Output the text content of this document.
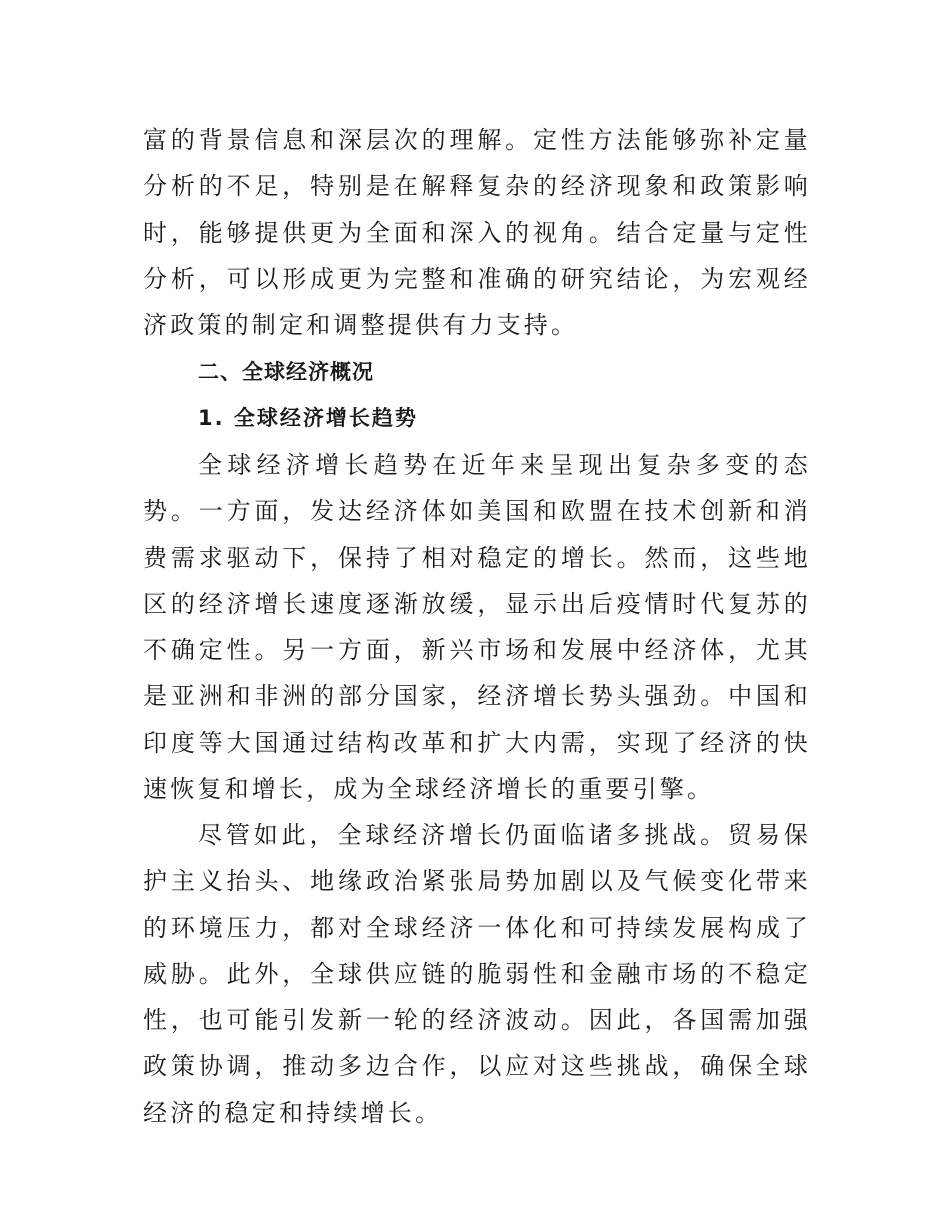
富的背景信息和深层次的理解。定性方法能够弥补定量分析的不足，特别是在解释复杂的经济现象和政策影响时，能够提供更为全面和深入的视角。结合定量与定性分析，可以形成更为完整和准确的研究结论，为宏观经济政策的制定和调整提供有力支持。

二、全球经济概况
1. 全球经济增长趋势

全球经济增长趋势在近年来呈现出复杂多变的态势。一方面，发达经济体如美国和欧盟在技术创新和消费需求驱动下，保持了相对稳定的增长。然而，这些地区的经济增长速度逐渐放缓，显示出后疫情时代复苏的不确定性。另一方面，新兴市场和发展中经济体，尤其是亚洲和非洲的部分国家，经济增长势头强劲。中国和印度等大国通过结构改革和扩大内需，实现了经济的快速恢复和增长，成为全球经济增长的重要引擎。

尽管如此，全球经济增长仍面临诸多挑战。贸易保护主义抬头、地缘政治紧张局势加剧以及气候变化带来的环境压力，都对全球经济一体化和可持续发展构成了威胁。此外，全球供应链的脆弱性和金融市场的不稳定性，也可能引发新一轮的经济波动。因此，各国需加强政策协调，推动多边合作，以应对这些挑战，确保全球经济的稳定和持续增长。
